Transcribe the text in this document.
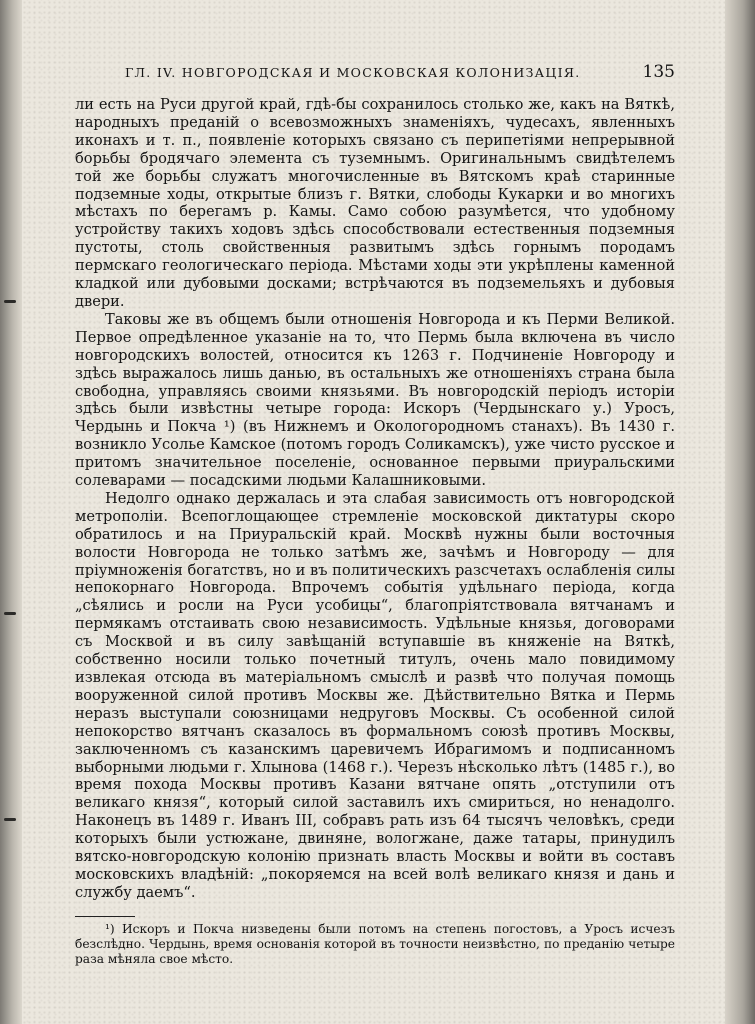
ГЛ. IV. НОВГОРОДСКАЯ И МОСКОВСКАЯ КОЛОНИЗАЦІЯ.	135

ли есть на Руси другой край, гдѣ-бы сохранилось столько же, какъ на Вяткѣ, народныхъ преданій о всевозможныхъ знаменіяхъ, чудесахъ, явленныхъ иконахъ и т. п., появленіе которыхъ связано съ перипетіями непрерывной борьбы бродячаго элемента съ туземнымъ. Оригинальнымъ свидѣтелемъ той же борьбы служатъ многочисленные въ Вятскомъ краѣ старинные подземные ходы, открытые близъ г. Вятки, слободы Кукарки и во многихъ мѣстахъ по берегамъ р. Камы. Само собою разумѣется, что удобному устройству такихъ ходовъ здѣсь способствовали естественныя подземныя пустоты, столь свойственныя развитымъ здѣсь горнымъ породамъ пермскаго геологическаго періода. Мѣстами ходы эти укрѣплены каменной кладкой или дубовыми досками; встрѣчаются въ подземельяхъ и дубовыя двери.

Таковы же въ общемъ были отношенія Новгорода и къ Перми Великой. Первое опредѣленное указаніе на то, что Пермь была включена въ число новгородскихъ волостей, относится къ 1263 г. Подчиненіе Новгороду и здѣсь выражалось лишь данью, въ остальныхъ же отношеніяхъ страна была свободна, управляясь своими князьями. Въ новгородскій періодъ исторіи здѣсь были извѣстны четыре города: Искоръ (Чердынскаго у.) Уросъ, Чердынь и Покча ¹) (въ Нижнемъ и Окологородномъ станахъ). Въ 1430 г. возникло Усолье Камское (потомъ городъ Соликамскъ), уже чисто русское и притомъ значительное поселеніе, основанное первыми приуральскими солеварами — посадскими людьми Калашниковыми.

Недолго однако держалась и эта слабая зависимость отъ новгородской метрополіи. Всепоглощающее стремленіе московской диктатуры скоро обратилось и на Приуральскій край. Москвѣ нужны были восточныя волости Новгорода не только затѣмъ же, зачѣмъ и Новгороду — для пріумноженія богатствъ, но и въ политическихъ разсчетахъ ослабленія силы непокорнаго Новгорода. Впрочемъ событія удѣльнаго періода, когда „сѣялись и росли на Руси усобицы“, благопріятствовала вятчанамъ и пермякамъ отстаивать свою независимость. Удѣльные князья, договорами съ Москвой и въ силу завѣщаній вступавшіе въ княженіе на Вяткѣ, собственно носили только почетный титулъ, очень мало повидимому извлекая отсюда въ матеріальномъ смыслѣ и развѣ что получая помощь вооруженной силой противъ Москвы же. Дѣйствительно Вятка и Пермь неразъ выступали союзницами недруговъ Москвы. Съ особенной силой непокорство вятчанъ сказалось въ формальномъ союзѣ противъ Москвы, заключенномъ съ казанскимъ царевичемъ Ибрагимомъ и подписанномъ выборными людьми г. Хлынова (1468 г.). Черезъ нѣсколько лѣтъ (1485 г.), во время похода Москвы противъ Казани вятчане опять „отступили отъ великаго князя“, который силой заставилъ ихъ смириться, но ненадолго. Наконецъ въ 1489 г. Иванъ III, собравъ рать изъ 64 тысячъ человѣкъ, среди которыхъ были устюжане, двиняне, вологжане, даже татары, принудилъ вятско-новгородскую колонію признать власть Москвы и войти въ составъ московскихъ владѣній: „покоряемся на всей волѣ великаго князя и дань и службу даемъ“.

¹) Искоръ и Покча низведены были потомъ на степень погостовъ, а Уросъ исчезъ безслѣдно. Чердынь, время основанія которой въ точности неизвѣстно, по преданію четыре раза мѣняла свое мѣсто.
